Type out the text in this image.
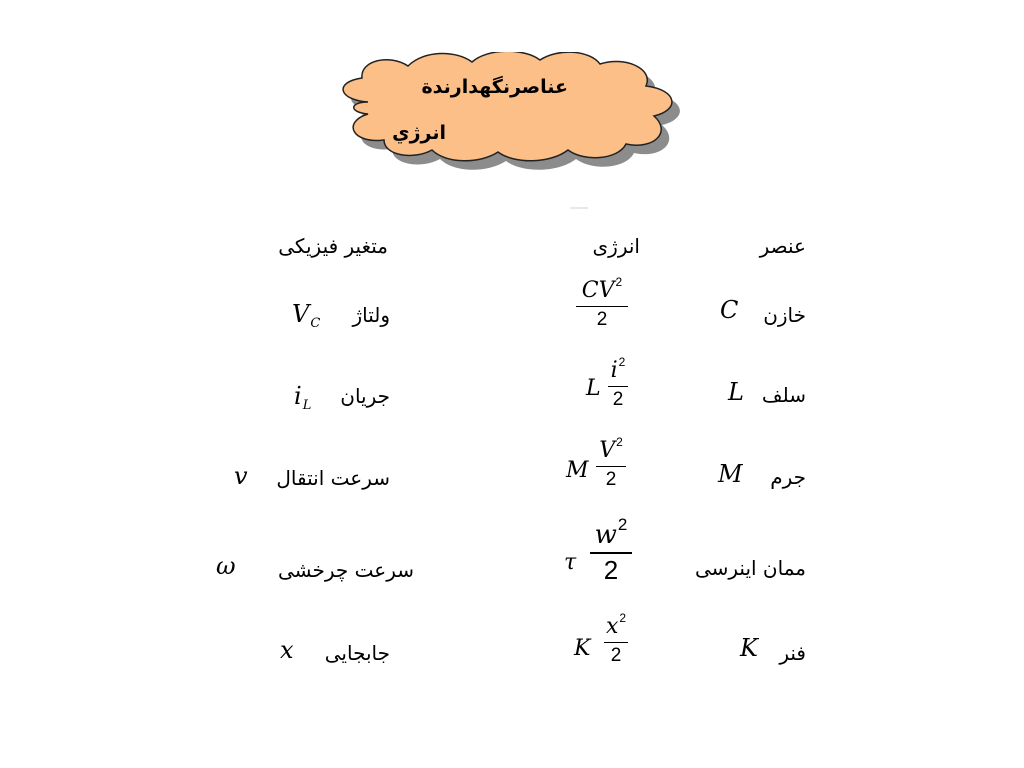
عناصرنگهدارندة
انرژي
عنصر
انرژی
متغیر فیزیکی
خازن
C
$CV^2$
2
ولتاژ
$V_C$
سلف
L
L
$i^2$
2
جریان
$i_L$
جرم
M
M
$V^2$
2
سرعت انتقال
v
ممان اینرسی
τ
$w^2$
2
سرعت چرخشی
ω
فنر
K
K
$x^2$
2
جابجایی
x
